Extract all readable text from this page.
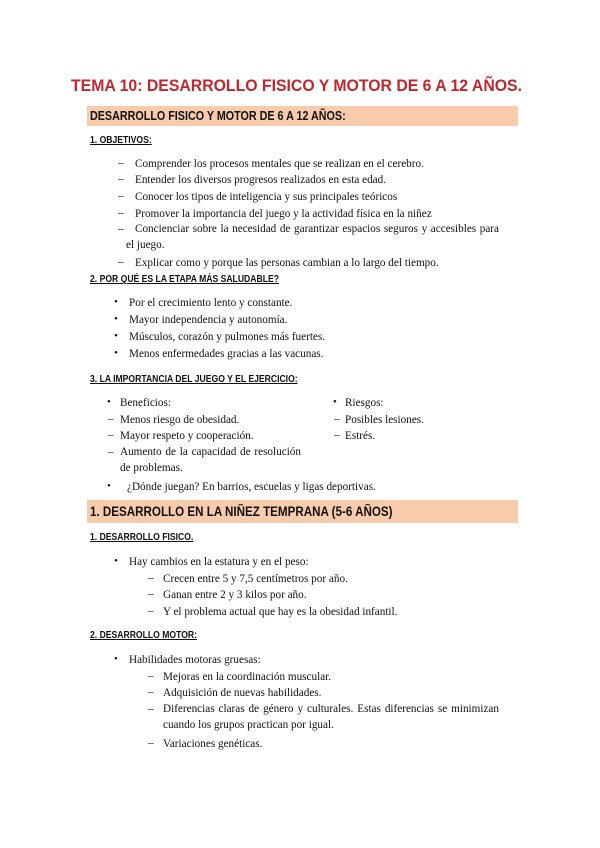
TEMA 10: DESARROLLO FISICO Y MOTOR DE 6 A 12 AÑOS.
DESARROLLO FISICO Y MOTOR DE 6 A 12 AÑOS:
1. OBJETIVOS:
– Comprender los procesos mentales que se realizan en el cerebro.
– Entender los diversos progresos realizados en esta edad.
– Conocer los tipos de inteligencia y sus principales teóricos
– Promover la importancia del juego y la actividad física en la niñez
–	Concienciar sobre la necesidad de garantizar espacios seguros y accesibles para el juego.
– Explicar como y porque las personas cambian a lo largo del tiempo.
2. POR QUÉ ES LA ETAPA MÁS SALUDABLE?
• Por el crecimiento lento y constante.
• Mayor independencia y autonomía.
• Músculos, corazón y pulmones más fuertes.
• Menos enfermedades gracias a las vacunas.
3. LA IMPORTANCIA DEL JUEGO Y EL EJERCICIO:
• Beneficios:
– Menos riesgo de obesidad.
– Mayor respeto y cooperación.
– Aumento de la capacidad de resolución de problemas.
• Riesgos:
– Posibles lesiones.
– Estrés.
• ¿Dónde juegan? En barrios, escuelas y ligas deportivas.
1. DESARROLLO EN LA NIÑEZ TEMPRANA (5-6 AÑOS)
1. DESARROLLO FISICO.
• Hay cambios en la estatura y en el peso:
– Crecen entre 5 y 7,5 centímetros por año.
– Ganan entre 2 y 3 kilos por año.
– Y el problema actual que hay es la obesidad infantil.
2. DESARROLLO MOTOR:
• Habilidades motoras gruesas:
– Mejoras en la coordinación muscular.
– Adquisición de nuevas habilidades.
– Diferencias claras de género y culturales. Estas diferencias se minimizan cuando los grupos practican por igual.
– Variaciones genéticas.
